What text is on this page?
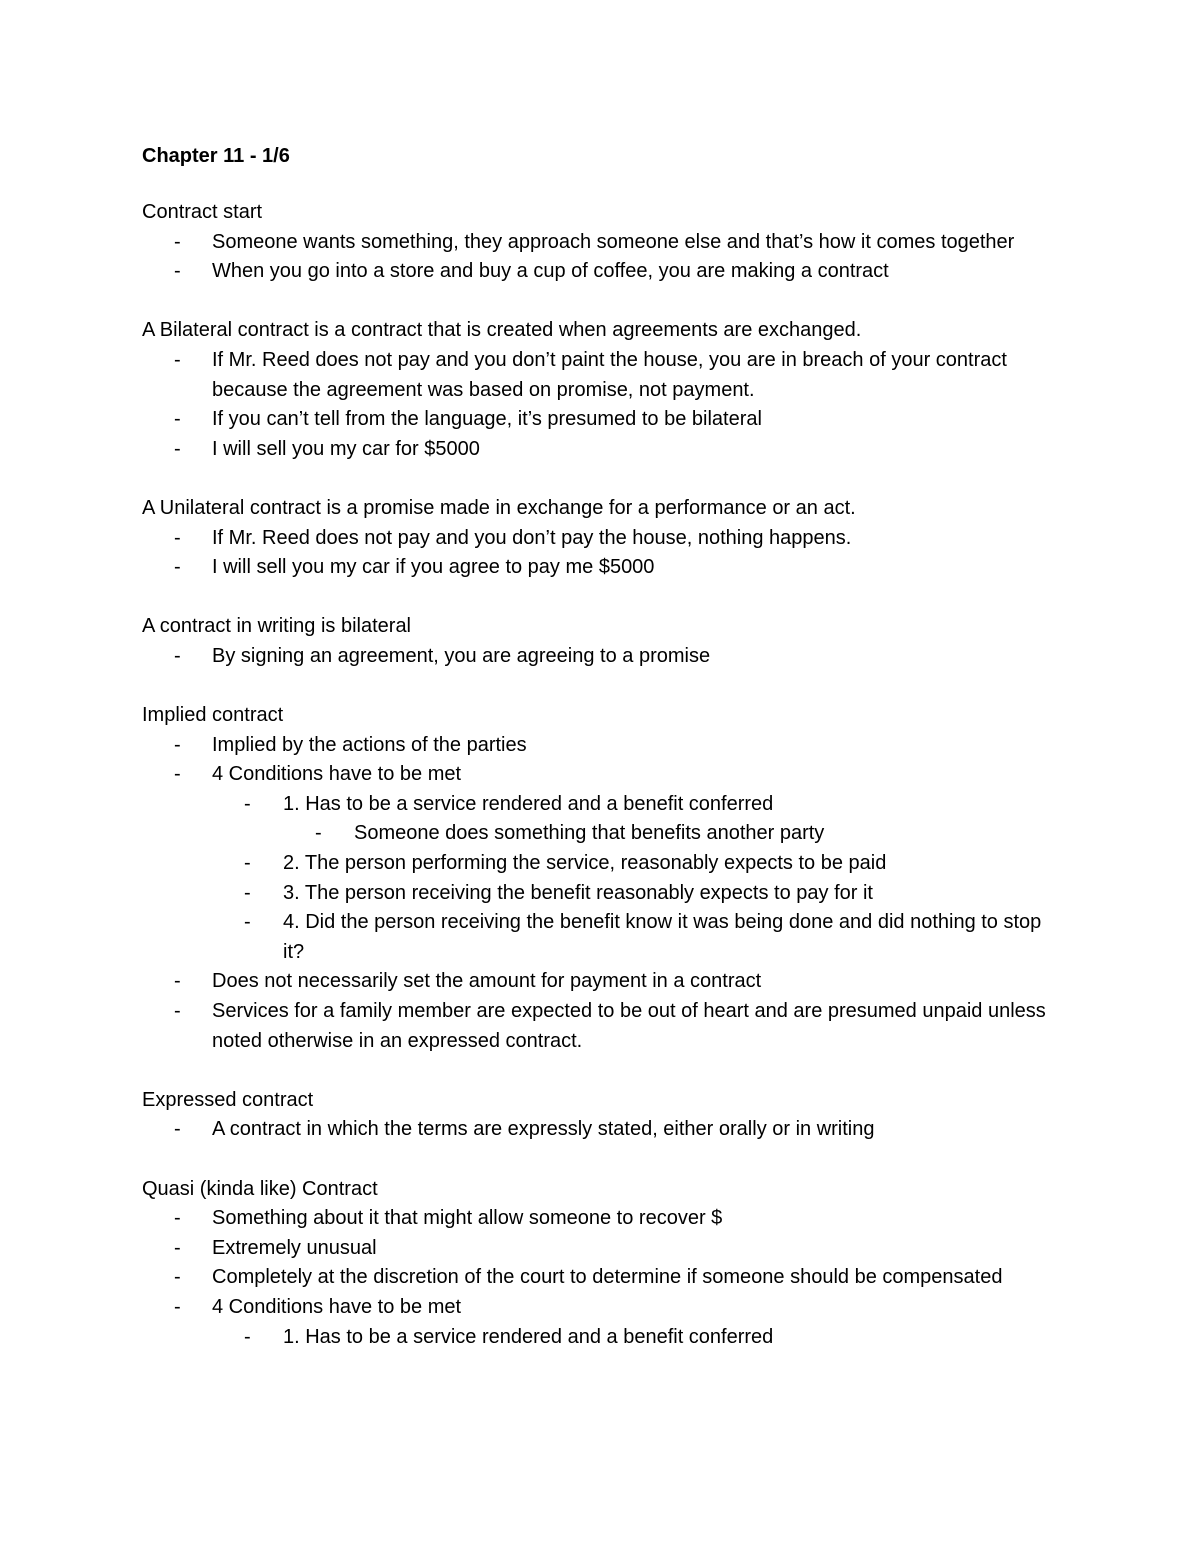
Chapter 11 - 1/6

Contract start

- Someone wants something, they approach someone else and that’s how it comes together
- When you go into a store and buy a cup of coffee, you are making a contract

A Bilateral contract is a contract that is created when agreements are exchanged.

- If Mr. Reed does not pay and you don’t paint the house, you are in breach of your contract because the agreement was based on promise, not payment.
- If you can’t tell from the language, it’s presumed to be bilateral
- I will sell you my car for $5000

A Unilateral contract is a promise made in exchange for a performance or an act.

- If Mr. Reed does not pay and you don’t pay the house, nothing happens.
- I will sell you my car if you agree to pay me $5000

A contract in writing is bilateral

- By signing an agreement, you are agreeing to a promise

Implied contract

- Implied by the actions of the parties
- 4 Conditions have to be met
- 1. Has to be a service rendered and a benefit conferred
- Someone does something that benefits another party
- 2. The person performing the service, reasonably expects to be paid
- 3. The person receiving the benefit reasonably expects to pay for it
- 4. Did the person receiving the benefit know it was being done and did nothing to stop it?
- Does not necessarily set the amount for payment in a contract
- Services for a family member are expected to be out of heart and are presumed unpaid unless noted otherwise in an expressed contract.

Expressed contract

- A contract in which the terms are expressly stated, either orally or in writing

Quasi (kinda like) Contract

- Something about it that might allow someone to recover $
- Extremely unusual
- Completely at the discretion of the court to determine if someone should be compensated
- 4 Conditions have to be met
- 1. Has to be a service rendered and a benefit conferred
